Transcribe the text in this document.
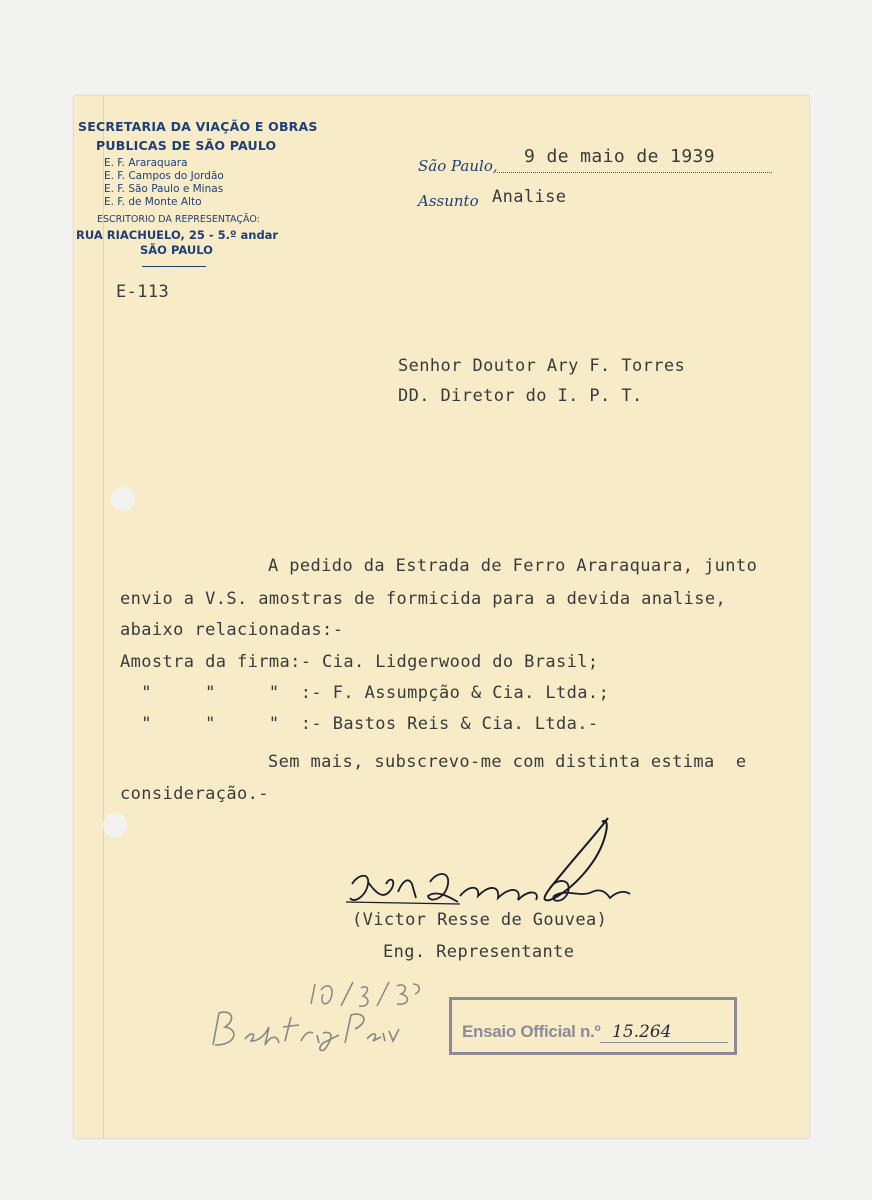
SECRETARIA DA VIAÇÃO E OBRAS
PUBLICAS DE SÃO PAULO
E. F. Araraquara
E. F. Campos do Jordão
E. F. São Paulo e Minas
E. F. de Monte Alto
ESCRITORIO DA REPRESENTAÇÃO:
RUA RIACHUELO, 25 - 5.º andar
SÃO PAULO
São Paulo, 9 de maio de 1939
Assunto Analise
E-113
Senhor Doutor Ary F. Torres
DD. Diretor do I. P. T.
A pedido da Estrada de Ferro Araraquara, junto
envio a V.S. amostras de formicida para a devida analise,
abaixo relacionadas:-
Amostra da firma:- Cia. Lidgerwood do Brasil;
"     "     "  :- F. Assumpção & Cia. Ltda.;
"     "     "  :- Bastos Reis & Cia. Ltda.-
Sem mais, subscrevo-me com distinta estima  e
consideração.-
(Victor Resse de Gouvea)
Eng. Representante
Ensaio Official n.º 15.264
